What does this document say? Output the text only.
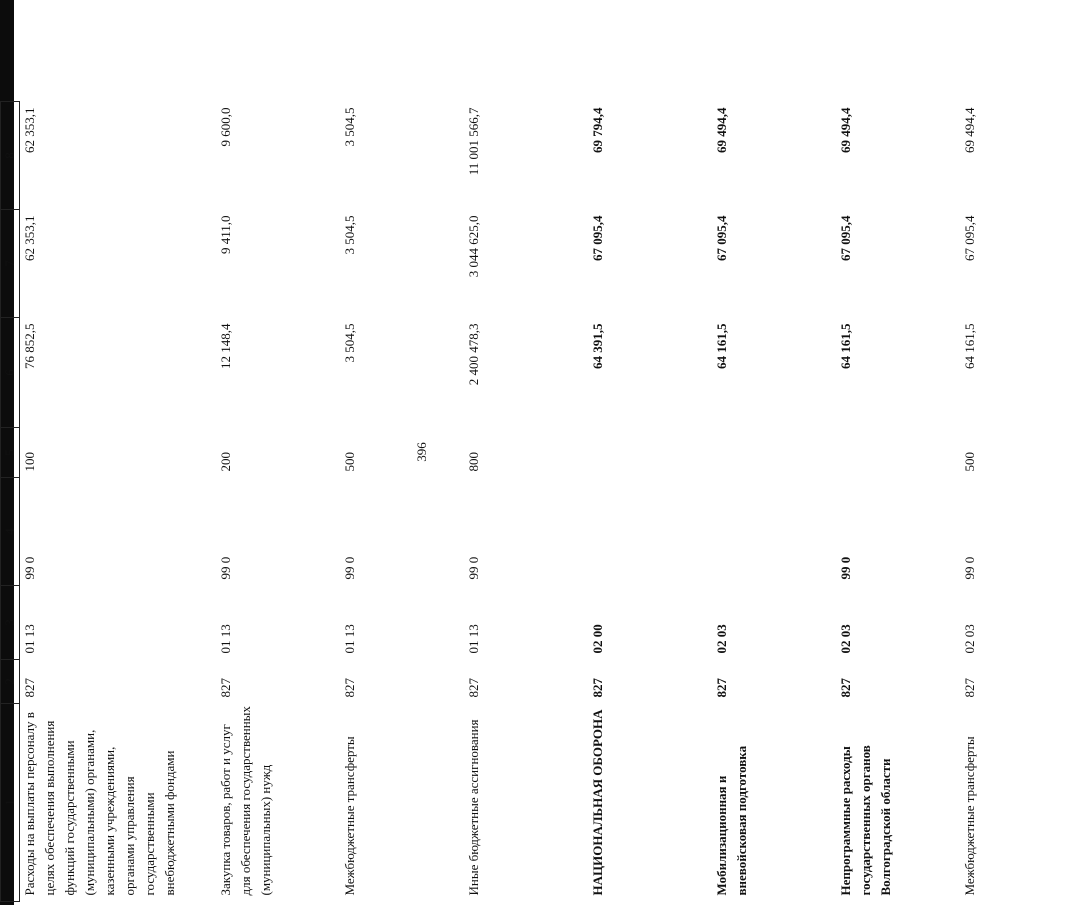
396
1	2	3	4	5	6	7	8
Расходы на выплаты персоналу в целях обеспечения выполнения функций государственными (муниципальными) органами, казенными учреждениями, органами управления государственными внебюджетными фондами	827	01 13	99 0	100	76 852,5	62 353,1	62 353,1
Закупка товаров, работ и услуг для обеспечения государственных (муниципальных) нужд	827	01 13	99 0	200	12 148,4	9 411,0	9 600,0
Межбюджетные трансферты	827	01 13	99 0	500	3 504,5	3 504,5	3 504,5
Иные бюджетные ассигнования	827	01 13	99 0	800	2 400 478,3	3 044 625,0	11 001 566,7
НАЦИОНАЛЬНАЯ ОБОРОНА	827	02 00			64 391,5	67 095,4	69 794,4
Мобилизационная и вневойсковая подготовка	827	02 03			64 161,5	67 095,4	69 494,4
Непрограммные расходы государственных органов Волгоградской области	827	02 03	99 0		64 161,5	67 095,4	69 494,4
Межбюджетные трансферты	827	02 03	99 0	500	64 161,5	67 095,4	69 494,4
